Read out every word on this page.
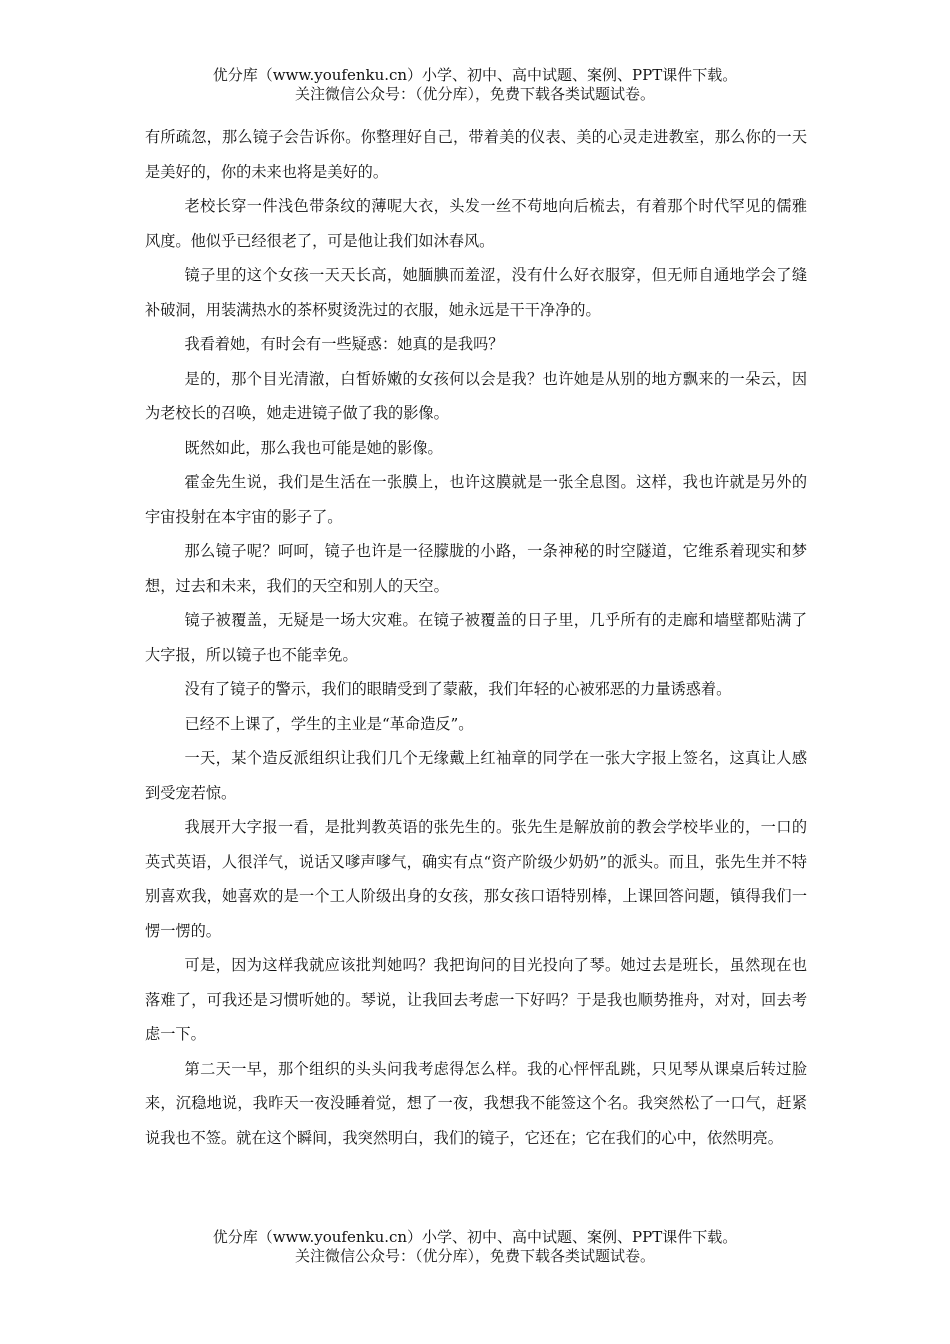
优分库（www.youfenku.cn）小学、初中、高中试题、案例、PPT课件下载。
关注微信公众号：（优分库），免费下载各类试题试卷。

有所疏忽，那么镜子会告诉你。你整理好自己，带着美的仪表、美的心灵走进教室，那么你的一天是美好的，你的未来也将是美好的。

老校长穿一件浅色带条纹的薄呢大衣，头发一丝不苟地向后梳去，有着那个时代罕见的儒雅风度。他似乎已经很老了，可是他让我们如沐春风。

镜子里的这个女孩一天天长高，她腼腆而羞涩，没有什么好衣服穿，但无师自通地学会了缝补破洞，用装满热水的茶杯熨烫洗过的衣服，她永远是干干净净的。

我看着她，有时会有一些疑惑：她真的是我吗？

是的，那个目光清澈，白皙娇嫩的女孩何以会是我？也许她是从别的地方飘来的一朵云，因为老校长的召唤，她走进镜子做了我的影像。

既然如此，那么我也可能是她的影像。

霍金先生说，我们是生活在一张膜上，也许这膜就是一张全息图。这样，我也许就是另外的宇宙投射在本宇宙的影子了。

那么镜子呢？呵呵，镜子也许是一径朦胧的小路，一条神秘的时空隧道，它维系着现实和梦想，过去和未来，我们的天空和别人的天空。

镜子被覆盖，无疑是一场大灾难。在镜子被覆盖的日子里，几乎所有的走廊和墙壁都贴满了大字报，所以镜子也不能幸免。

没有了镜子的警示，我们的眼睛受到了蒙蔽，我们年轻的心被邪恶的力量诱惑着。

已经不上课了，学生的主业是“革命造反”。

一天，某个造反派组织让我们几个无缘戴上红袖章的同学在一张大字报上签名，这真让人感到受宠若惊。

我展开大字报一看，是批判教英语的张先生的。张先生是解放前的教会学校毕业的，一口的英式英语，人很洋气，说话又嗲声嗲气，确实有点“资产阶级少奶奶”的派头。而且，张先生并不特别喜欢我，她喜欢的是一个工人阶级出身的女孩，那女孩口语特别棒，上课回答问题，镇得我们一愣一愣的。

可是，因为这样我就应该批判她吗？我把询问的目光投向了琴。她过去是班长，虽然现在也落难了，可我还是习惯听她的。琴说，让我回去考虑一下好吗？于是我也顺势推舟，对对，回去考虑一下。

第二天一早，那个组织的头头问我考虑得怎么样。我的心怦怦乱跳，只见琴从课桌后转过脸来，沉稳地说，我昨天一夜没睡着觉，想了一夜，我想我不能签这个名。我突然松了一口气，赶紧说我也不签。就在这个瞬间，我突然明白，我们的镜子，它还在；它在我们的心中，依然明亮。

优分库（www.youfenku.cn）小学、初中、高中试题、案例、PPT课件下载。
关注微信公众号：（优分库），免费下载各类试题试卷。
